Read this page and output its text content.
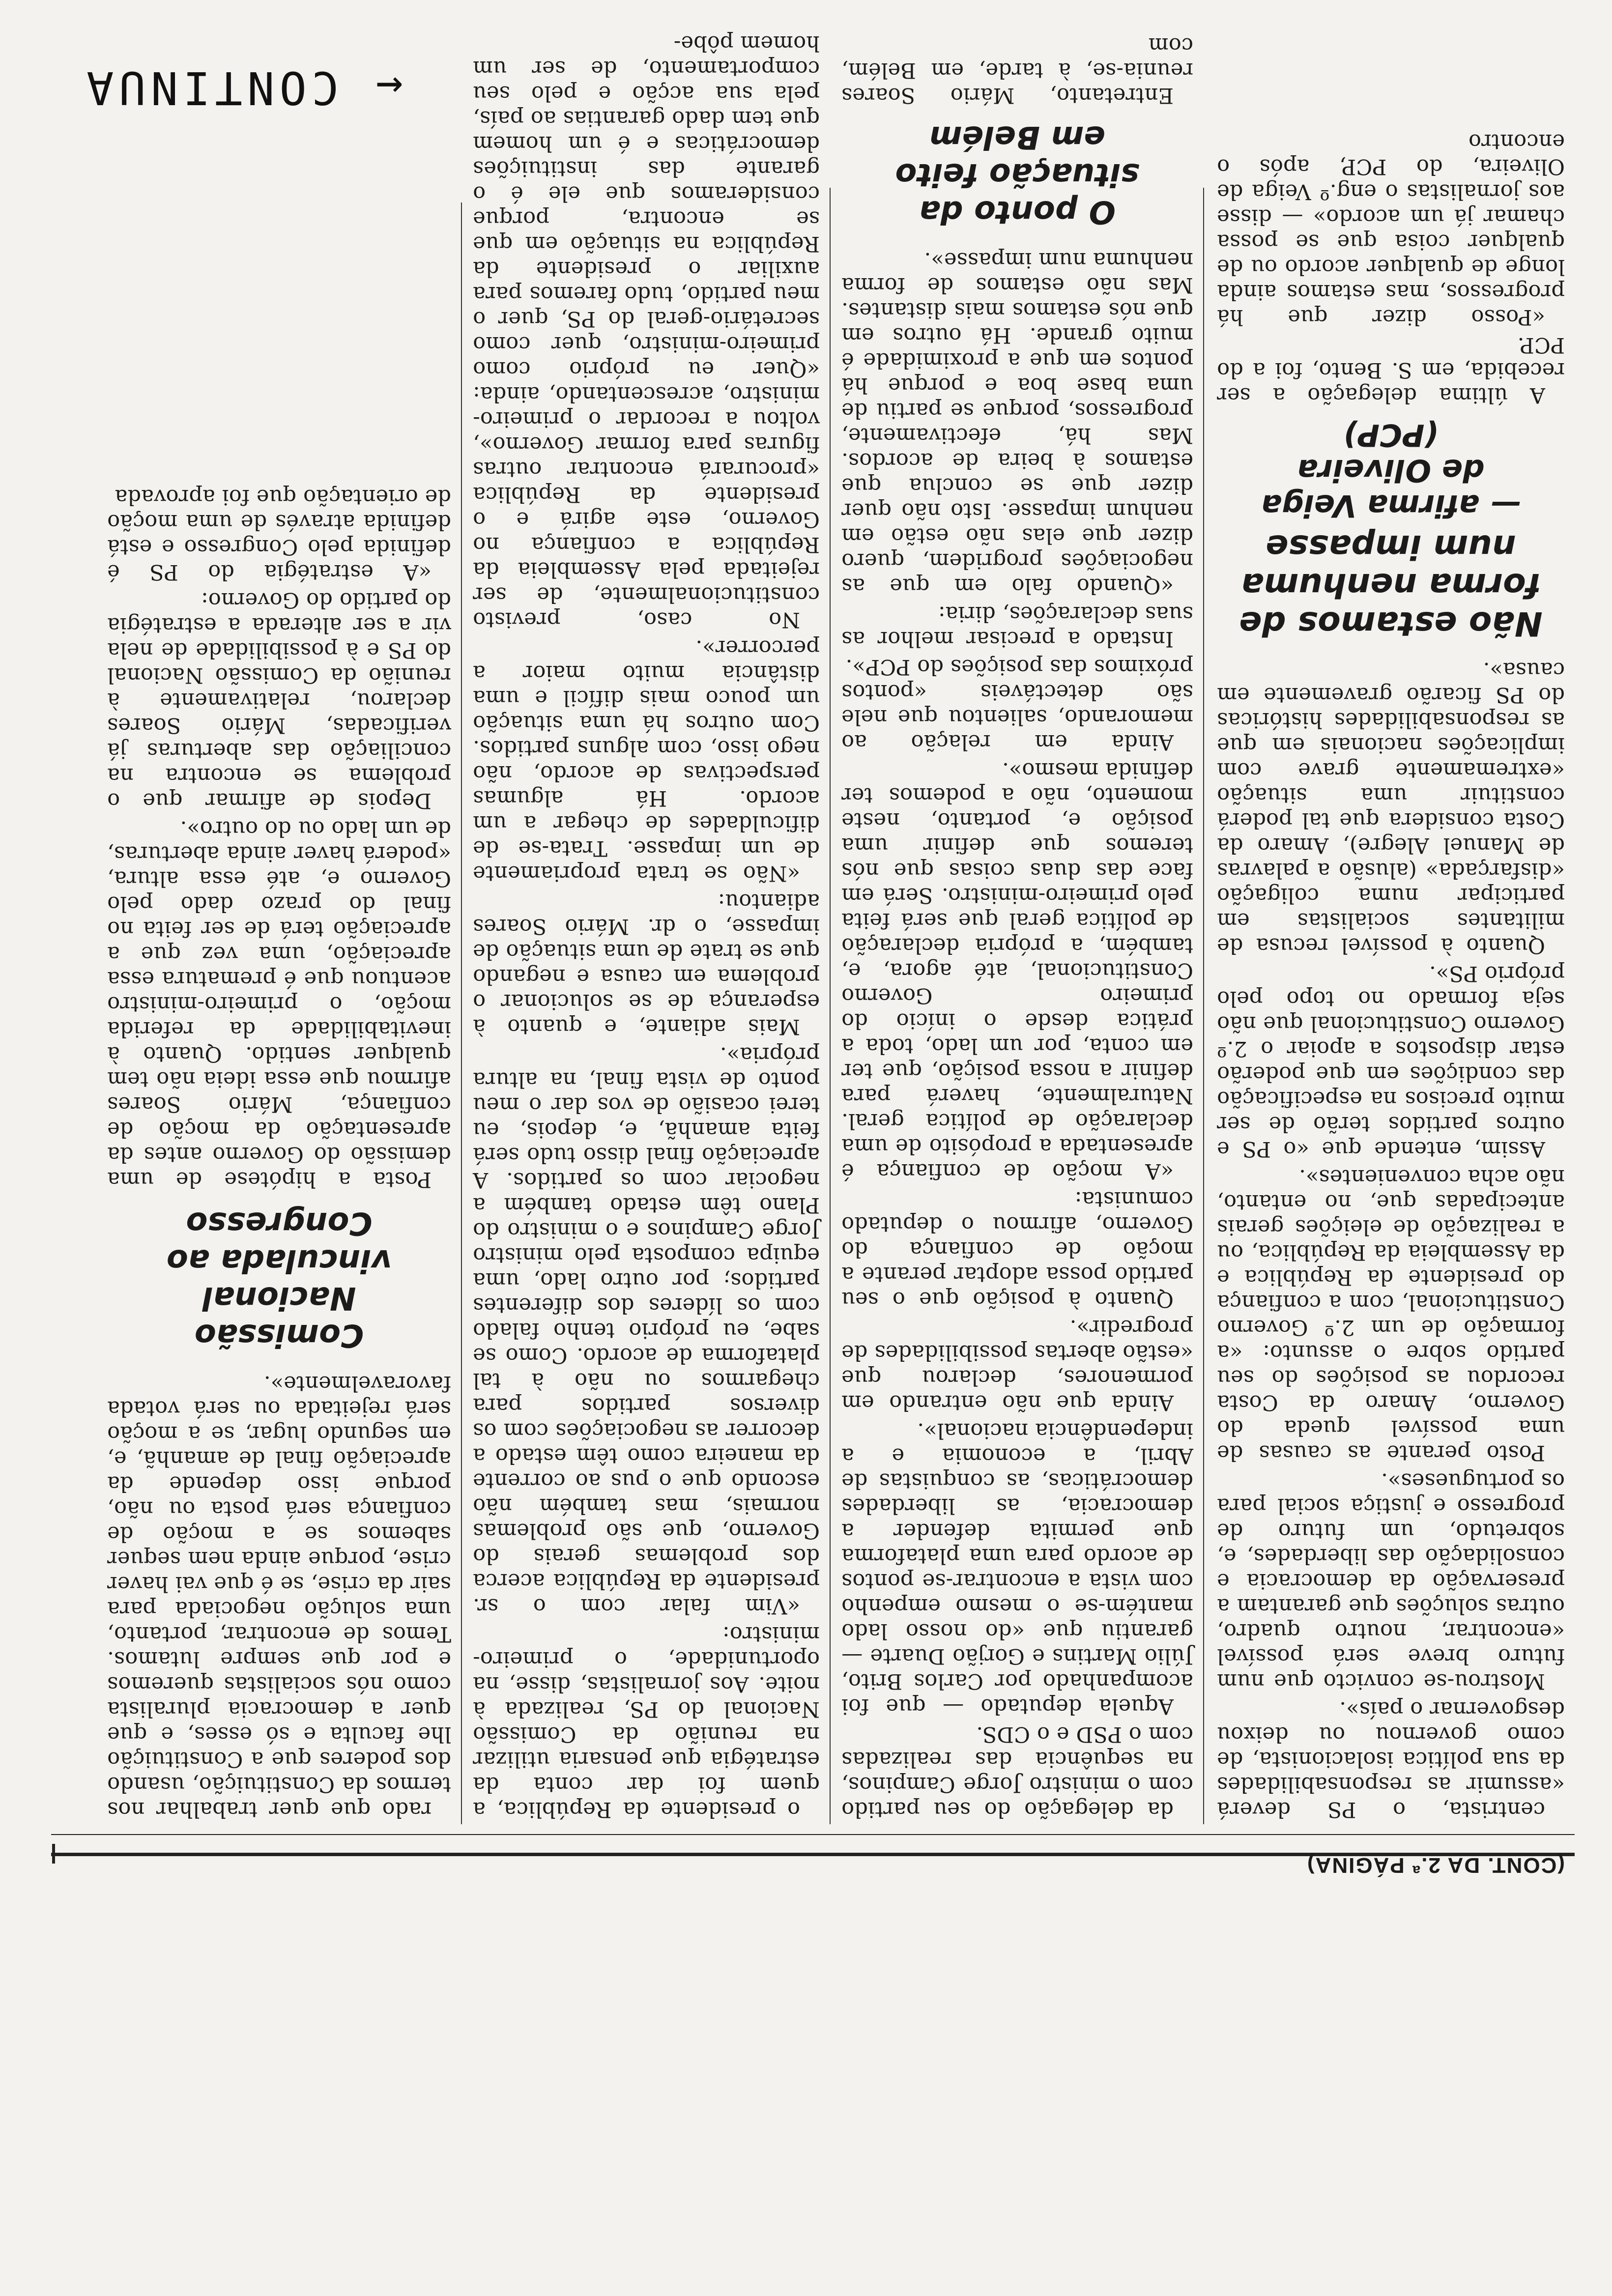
(CONT. DA 2.ª PÁGINA)

centrista, o PS deverá «assumir as responsabilidades da sua política isolacionista, de como governou ou deixou desgovernar o país».

Mostrou-se convicto que num futuro breve será possível «encontrar, noutro quadro, outras soluções que garantam a preservação da democracia e consolidação das liberdades, e, sobretudo, um futuro de progresso e justiça social para os portugueses».

Posto perante as causas de uma possível queda do Governo, Amaro da Costa recordou as posições do seu partido sobre o assunto: «a formação de um 2.º Governo Constitucional, com a confiança do presidente da República e da Assembleia da República, ou a realização de eleições gerais antecipadas que, no entanto, não acha convenientes».

Assim, entende que «o PS e outros partidos terão de ser muito precisos na especificação das condições em que poderão estar dispostos a apoiar o 2.º Governo Constitucional que não seja formado no topo pelo próprio PS».

Quanto à possível recusa de militantes socialistas em participar numa coligação «disfarçada» (alusão a palavras de Manuel Alegre), Amaro da Costa considera que tal poderá constituir uma situação «extremamente grave com implicações nacionais em que as responsabilidades históricas do PS ficarão gravemente em causa».

Não estamos de forma nenhuma num impasse
— afirma Veiga de Oliveira (PCP)

A última delegação a ser recebida, em S. Bento, foi a do PCP.

«Posso dizer que há progressos, mas estamos ainda longe de qualquer acordo ou de qualquer coisa que se possa chamar já um acordo» — disse aos jornalistas o eng.º Veiga de Oliveira, do PCP, após o encontro

da delegação do seu partido com o ministro Jorge Campinos, na sequência das realizadas com o PSD e o CDS.

Aquela deputado — que foi acompanhado por Carlos Brito, Júlio Martins e Gorjão Duarte — garantiu que «do nosso lado mantém-se o mesmo empenho com vista a encontrar-se pontos de acordo para uma plataforma que permita defender a democracia, as liberdades democráticas, as conquistas de Abril, a economia e a independência nacional».

Ainda que não entrando em pormenores, declarou que «estão abertas possibilidades de progredir».

Quanto à posição que o seu partido possa adoptar perante a moção de confiança do Governo, afirmou o deputado comunista:

«A moção de confiança é apresentada a propósito de uma declaração de política geral. Naturalmente, haverá para definir a nossa posição, que ter em conta, por um lado, toda a prática desde o início do primeiro Governo Constitucional, até agora, e, também, a própria declaração de política geral que será feita pelo primeiro-ministro. Será em face das duas coisas que nós teremos que definir uma posição e, portanto, neste momento, não a podemos ter definida mesmo».

Ainda em relação ao memorando, salientou que nele são detectáveis «pontos próximos das posições do PCP».

Instado a precisar melhor as suas declarações, diria:

«Quando falo em que as negociações progridem, quero dizer que elas não estão em nenhum impasse. Isto não quer dizer que se conclua que estamos à beira de acordos. Mas há, efectivamente, progressos, porque se partiu de uma base boa e porque há pontos em que a proximidade é muito grande. Há outros em que nós estamos mais distantes. Mas não estamos de forma nenhuma num impasse».

O ponto da situação feito em Belém

Entretanto, Mário Soares reunia-se, à tarde, em Belém, com

o presidente da República, a quem foi dar conta da estratégia que pensaria utilizar na reunião da Comissão Nacional do PS, realizada à noite. Aos jornalistas, disse, na oportunidade, o primeiro-ministro:

«Vim falar com o sr. presidente da República acerca dos problemas gerais do Governo, que são problemas normais, mas também não escondo que o pus ao corrente da maneira como têm estado a decorrer as negociações com os diversos partidos para chegarmos ou não à tal plataforma de acordo. Como se sabe, eu próprio tenho falado com os líderes dos diferentes partidos; por outro lado, uma equipa composta pelo ministro Jorge Campinos e o ministro do Plano têm estado também a negociar com os partidos. A apreciação final disso tudo será feita amanhã, e, depois, eu terei ocasião de vos dar o meu ponto de vista final, na altura própria».

Mais adiante, e quanto à esperança de se solucionar o problema em causa e negando que se trate de uma situação de impasse, o dr. Mário Soares adiantou:

«Não se trata propriamente de um impasse. Trata-se de dificuldades de chegar a um acordo. Há algumas perspectivas de acordo, não nego isso, com alguns partidos. Com outros há uma situação um pouco mais difícil e uma distância muito maior a percorrer».

No caso, previsto constitucionalmente, de ser rejeitada pela Assembleia da República a confiança no Governo, este agirá e o presidente da República «procurará encontrar outras figuras para formar Governo», voltou a recordar o primeiro-ministro, acrescentando, ainda: «Quer eu próprio como primeiro-ministro, quer como secretário-geral do PS, quer o meu partido, tudo faremos para auxiliar o presidente da República na situação em que se encontra, porque consideramos que ele é o garante das instituições democráticas e é um homem que tem dado garantias ao país, pela sua acção e pelo seu comportamento, de ser um homem pôbe-

rado que quer trabalhar nos termos da Constituição, usando dos poderes que a Constituição lhe faculta e só esses, e que quer a democracia pluralista como nós socialistas queremos e por que sempre lutamos. Temos de encontrar, portanto, uma solução negociada para sair da crise, se é que vai haver crise, porque ainda nem sequer sabemos se a moção de confiança será posta ou não, porque isso depende da apreciação final de amanhã, e, em segundo lugar, se a moção será rejeitada ou será votada favoravelmente».

Comissão Nacional vinculada ao Congresso

Posta a hipótese de uma demissão do Governo antes da apresentação da moção de confiança, Mário Soares afirmou que essa ideia não tem qualquer sentido. Quanto à inevitabilidade da referida moção, o primeiro-ministro acentuou que é prematura essa apreciação, uma vez que a apreciação terá de ser feita no final do prazo dado pelo Governo e, até essa altura, «poderá haver ainda aberturas, de um lado ou do outro».

Depois de afirmar que o problema se encontra na conciliação das aberturas já verificadas, Mário Soares declarou, relativamente à reunião da Comissão Nacional do PS e à possibilidade de nela vir a ser alterada a estratégia do partido do Governo:

«A estratégia do PS é definida pelo Congresso e está definida através de uma moção de orientação que foi aprovada

← CONTINUA
